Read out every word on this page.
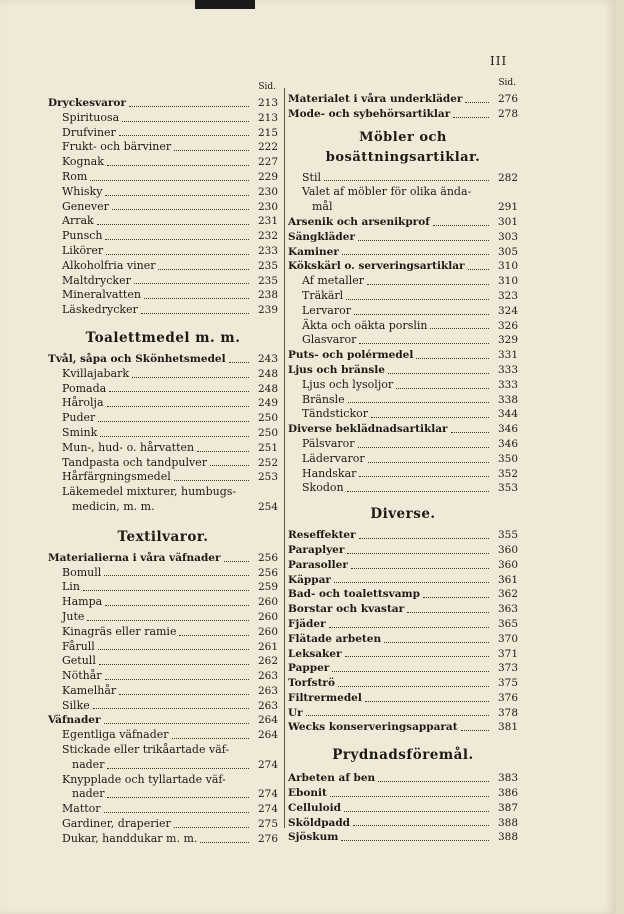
III
Sid.
Dryckesvaror	213
Spirituosa	213
Drufviner	215
Frukt- och bärviner	222
Kognak	227
Rom	229
Whisky	230
Genever	230
Arrak	231
Punsch	232
Likörer	233
Alkoholfria viner	235
Maltdrycker	235
Mineralvatten	238
Läskedrycker	239
Toalettmedel m. m.
Tvål, såpa och Skönhetsmedel	243
Kvillajabark	248
Pomada	248
Hårolja	249
Puder	250
Smink	250
Mun-, hud- o. hårvatten	251
Tandpasta och tandpulver	252
Hårfärgningsmedel	253
Läkemedel mixturer, humbugs-
medicin, m. m.	254
Textilvaror.
Materialierna i våra väfnader	256
Bomull	256
Lin	259
Hampa	260
Jute	260
Kinagräs eller ramie	260
Fårull	261
Getull	262
Nöthår	263
Kamelhår	263
Silke	263
Väfnader	264
Egentliga väfnader	264
Stickade eller trikåartade väf-
nader	274
Knypplade och tyllartade väf-
nader	274
Mattor	274
Gardiner, draperier	275
Dukar, handdukar m. m.	276
Sid.
Materialet i våra underkläder	276
Mode- och sybehörsartiklar	278
Möbler och bosättningsartiklar.
Stil	282
Valet af möbler för olika ända-
mål	291
Arsenik och arsenikprof	301
Sängkläder	303
Kaminer	305
Kökskärl o. serveringsartiklar	310
Af metaller	310
Träkärl	323
Lervaror	324
Äkta och oäkta porslin	326
Glasvaror	329
Puts- och polérmedel	331
Ljus och bränsle	333
Ljus och lysoljor	333
Bränsle	338
Tändstickor	344
Diverse beklädnadsartiklar	346
Pälsvaror	346
Lädervaror	350
Handskar	352
Skodon	353
Diverse.
Reseffekter	355
Paraplyer	360
Parasoller	360
Käppar	361
Bad- och toalettsvamp	362
Borstar och kvastar	363
Fjäder	365
Flätade arbeten	370
Leksaker	371
Papper	373
Torfströ	375
Filtrermedel	376
Ur	378
Wecks konserveringsapparat	381
Prydnadsföremål.
Arbeten af ben	383
Ebonit	386
Celluloid	387
Sköldpadd	388
Sjöskum	388
